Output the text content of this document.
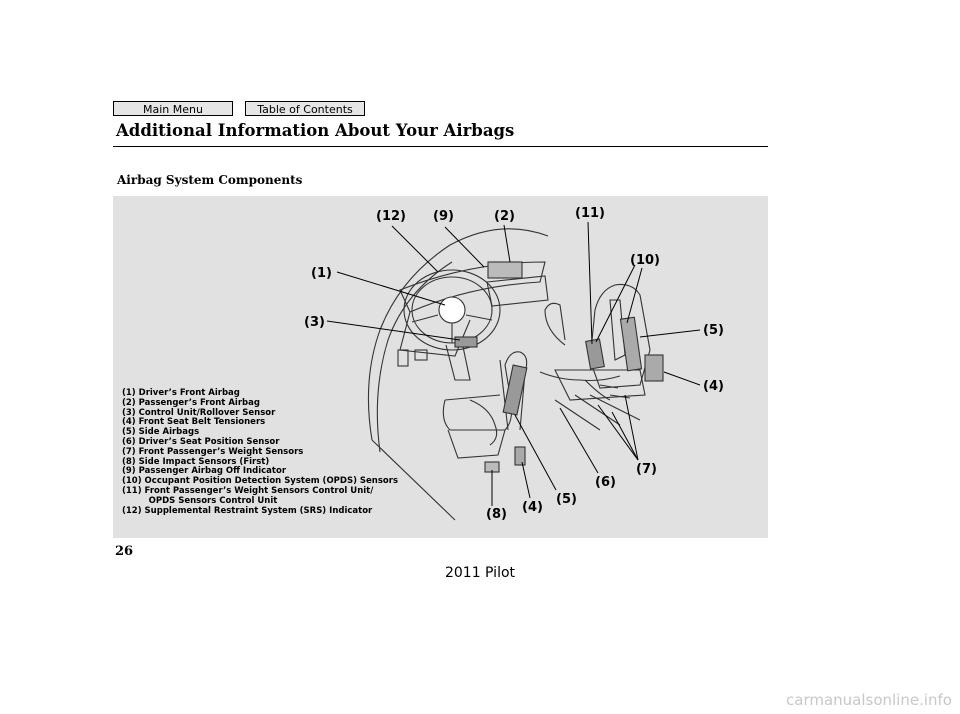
Main Menu	Table of Contents
Additional Information About Your Airbags
Airbag System Components
(12) (9)	(2)	(11)
(10)
(1)
(3)
(5)
(4)
(7)
(6)
(8) (4)
(5)
(1) Driver’s Front Airbag
(2) Passenger’s Front Airbag
(3) Control Unit/Rollover Sensor
(4) Front Seat Belt Tensioners
(5) Side Airbags
(6) Driver’s Seat Position Sensor
(7) Front Passenger’s Weight Sensors
(8) Side Impact Sensors (First)
(9) Passenger Airbag Off Indicator
(10) Occupant Position Detection System (OPDS) Sensors
(11) Front Passenger’s Weight Sensors Control Unit/
OPDS Sensors Control Unit
(12) Supplemental Restraint System (SRS) Indicator
26
2011 Pilot
carmanualsonline.info
